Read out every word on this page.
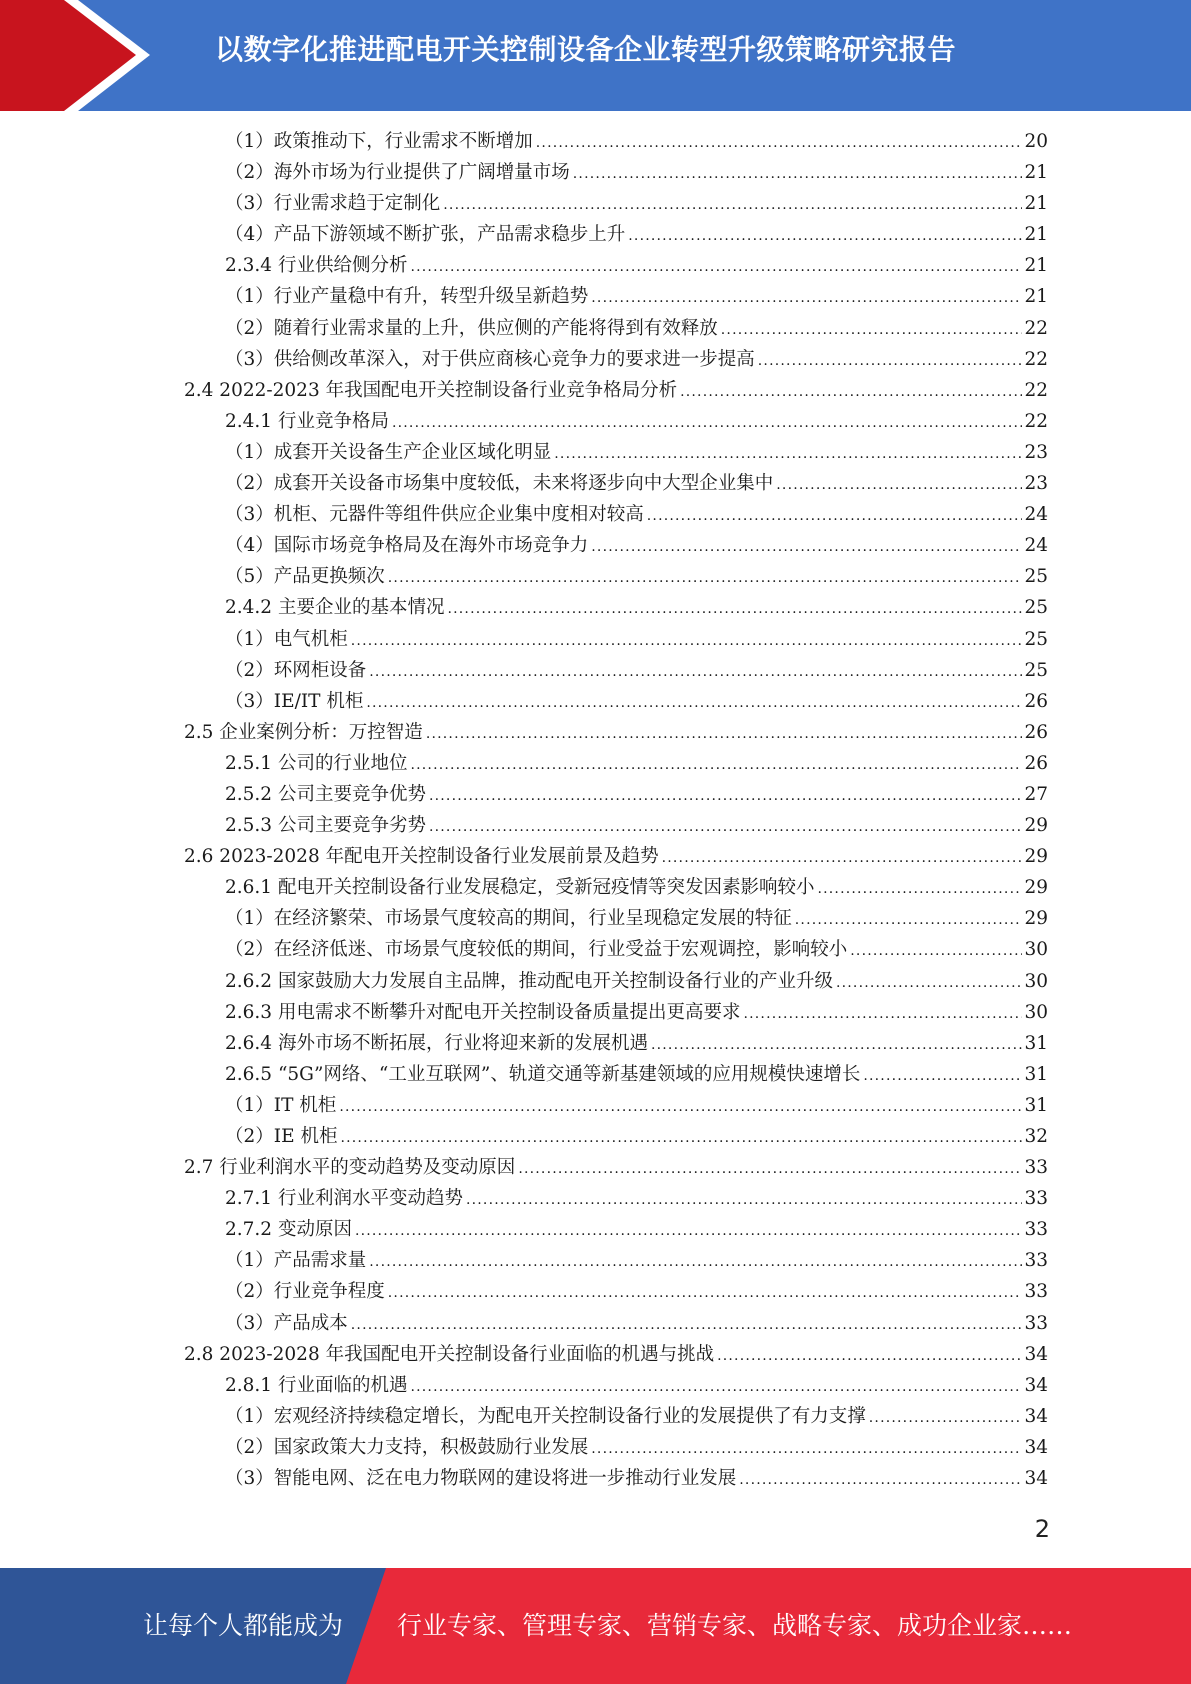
以数字化推进配电开关控制设备企业转型升级策略研究报告
（1）政策推动下，行业需求不断增加 .....	20
（2）海外市场为行业提供了广阔增量市场 .....	21
（3）行业需求趋于定制化 .....	21
（4）产品下游领域不断扩张，产品需求稳步上升 .....	21
2.3.4 行业供给侧分析 .....	21
（1）行业产量稳中有升，转型升级呈新趋势 .....	21
（2）随着行业需求量的上升，供应侧的产能将得到有效释放 .....	22
（3）供给侧改革深入，对于供应商核心竞争力的要求进一步提高 .....	22
2.4 2022-2023 年我国配电开关控制设备行业竞争格局分析 .....	22
2.4.1 行业竞争格局 .....	22
（1）成套开关设备生产企业区域化明显 .....	23
（2）成套开关设备市场集中度较低，未来将逐步向中大型企业集中 .....	23
（3）机柜、元器件等组件供应企业集中度相对较高 .....	24
（4）国际市场竞争格局及在海外市场竞争力 .....	24
（5）产品更换频次 .....	25
2.4.2 主要企业的基本情况 .....	25
（1）电气机柜 .....	25
（2）环网柜设备 .....	25
（3）IE/IT 机柜 .....	26
2.5 企业案例分析：万控智造 .....	26
2.5.1 公司的行业地位 .....	26
2.5.2 公司主要竞争优势 .....	27
2.5.3 公司主要竞争劣势 .....	29
2.6 2023-2028 年配电开关控制设备行业发展前景及趋势 .....	29
2.6.1 配电开关控制设备行业发展稳定，受新冠疫情等突发因素影响较小 .....	29
（1）在经济繁荣、市场景气度较高的期间，行业呈现稳定发展的特征 .....	29
（2）在经济低迷、市场景气度较低的期间，行业受益于宏观调控，影响较小 .....	30
2.6.2 国家鼓励大力发展自主品牌，推动配电开关控制设备行业的产业升级 .....	30
2.6.3 用电需求不断攀升对配电开关控制设备质量提出更高要求 .....	30
2.6.4 海外市场不断拓展，行业将迎来新的发展机遇 .....	31
2.6.5 “5G”网络、“工业互联网”、轨道交通等新基建领域的应用规模快速增长 .....	31
（1）IT 机柜 .....	31
（2）IE 机柜 .....	32
2.7 行业利润水平的变动趋势及变动原因 .....	33
2.7.1 行业利润水平变动趋势 .....	33
2.7.2 变动原因 .....	33
（1）产品需求量 .....	33
（2）行业竞争程度 .....	33
（3）产品成本 .....	33
2.8 2023-2028 年我国配电开关控制设备行业面临的机遇与挑战 .....	34
2.8.1 行业面临的机遇 .....	34
（1）宏观经济持续稳定增长，为配电开关控制设备行业的发展提供了有力支撑 .....	34
（2）国家政策大力支持，积极鼓励行业发展 .....	34
（3）智能电网、泛在电力物联网的建设将进一步推动行业发展 .....	34
2
让每个人都能成为 行业专家、管理专家、营销专家、战略专家、成功企业家……
